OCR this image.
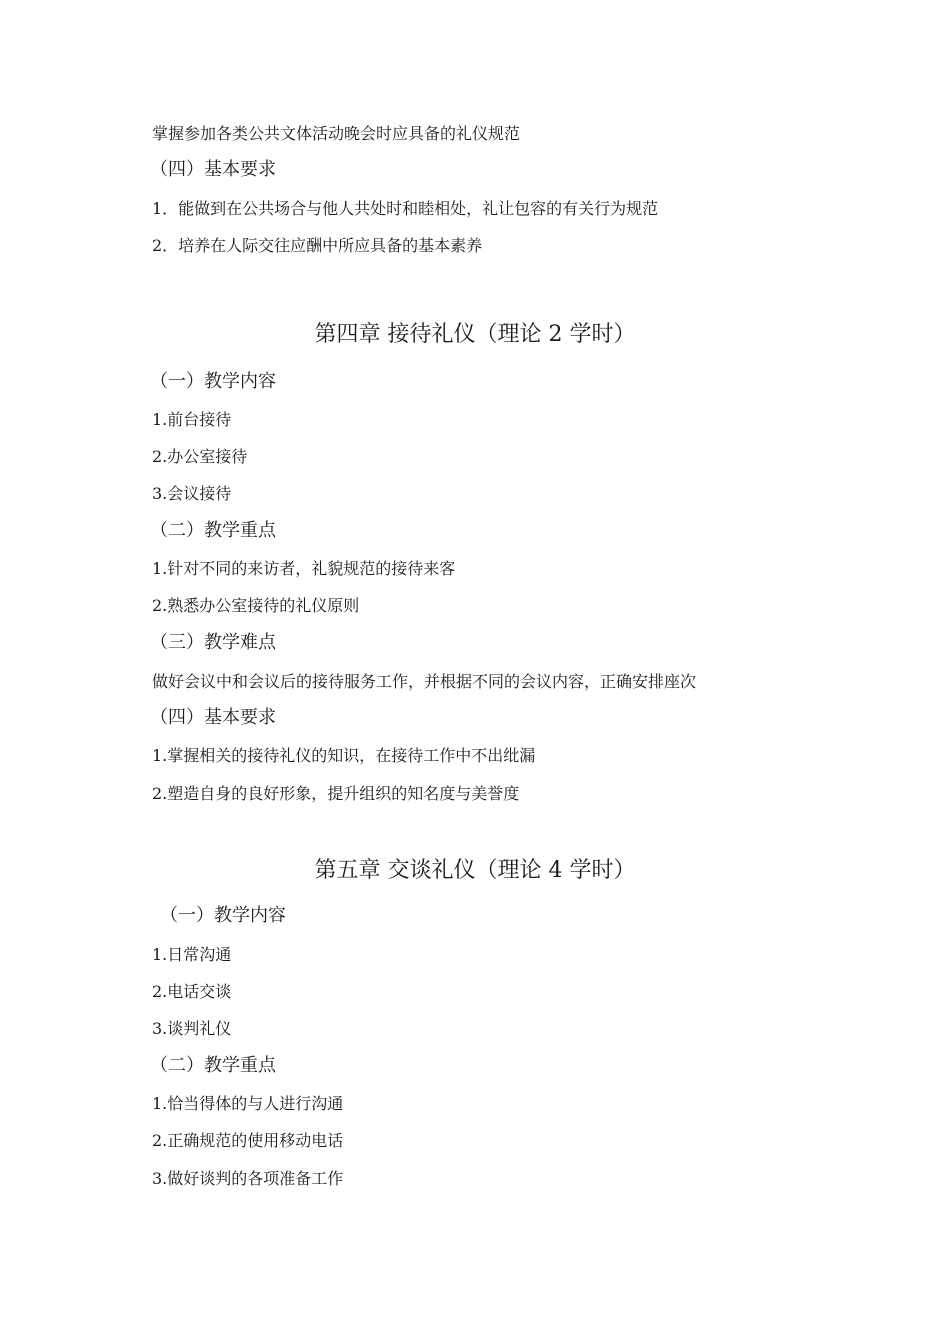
掌握参加各类公共文体活动晚会时应具备的礼仪规范
（四）基本要求
1．能做到在公共场合与他人共处时和睦相处，礼让包容的有关行为规范
2．培养在人际交往应酬中所应具备的基本素养
第四章 接待礼仪（理论 2 学时）
（一）教学内容
1.前台接待
2.办公室接待
3.会议接待
（二）教学重点
1.针对不同的来访者，礼貌规范的接待来客
2.熟悉办公室接待的礼仪原则
（三）教学难点
做好会议中和会议后的接待服务工作，并根据不同的会议内容，正确安排座次
（四）基本要求
1.掌握相关的接待礼仪的知识，在接待工作中不出纰漏
2.塑造自身的良好形象，提升组织的知名度与美誉度
第五章 交谈礼仪（理论 4 学时）
（一）教学内容
1.日常沟通
2.电话交谈
3.谈判礼仪
（二）教学重点
1.恰当得体的与人进行沟通
2.正确规范的使用移动电话
3.做好谈判的各项准备工作
